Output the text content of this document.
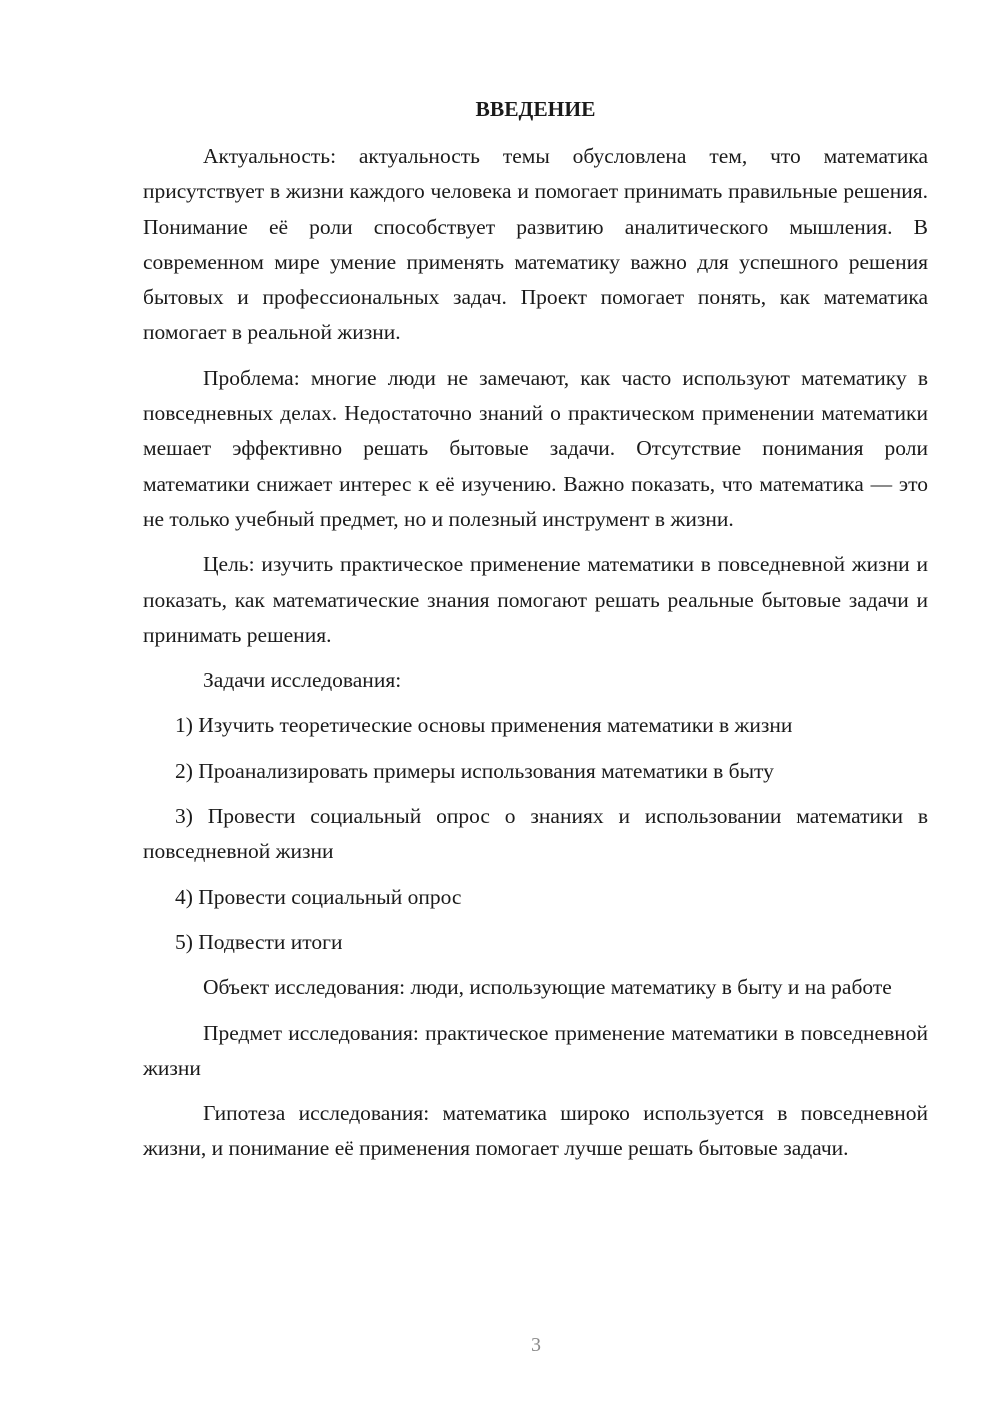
ВВЕДЕНИЕ

Актуальность: актуальность темы обусловлена тем, что математика присутствует в жизни каждого человека и помогает принимать правильные решения. Понимание её роли способствует развитию аналитического мышления. В современном мире умение применять математику важно для успешного решения бытовых и профессиональных задач. Проект помогает понять, как математика помогает в реальной жизни.

Проблема: многие люди не замечают, как часто используют математику в повседневных делах. Недостаточно знаний о практическом применении математики мешает эффективно решать бытовые задачи. Отсутствие понимания роли математики снижает интерес к её изучению. Важно показать, что математика — это не только учебный предмет, но и полезный инструмент в жизни.

Цель: изучить практическое применение математики в повседневной жизни и показать, как математические знания помогают решать реальные бытовые задачи и принимать решения.

Задачи исследования:

1) Изучить теоретические основы применения математики в жизни
2) Проанализировать примеры использования математики в быту
3) Провести социальный опрос о знаниях и использовании математики в повседневной жизни
4) Провести социальный опрос
5) Подвести итоги

Объект исследования: люди, использующие математику в быту и на работе

Предмет исследования: практическое применение математики в повседневной жизни

Гипотеза исследования: математика широко используется в повседневной жизни, и понимание её применения помогает лучше решать бытовые задачи.

3
